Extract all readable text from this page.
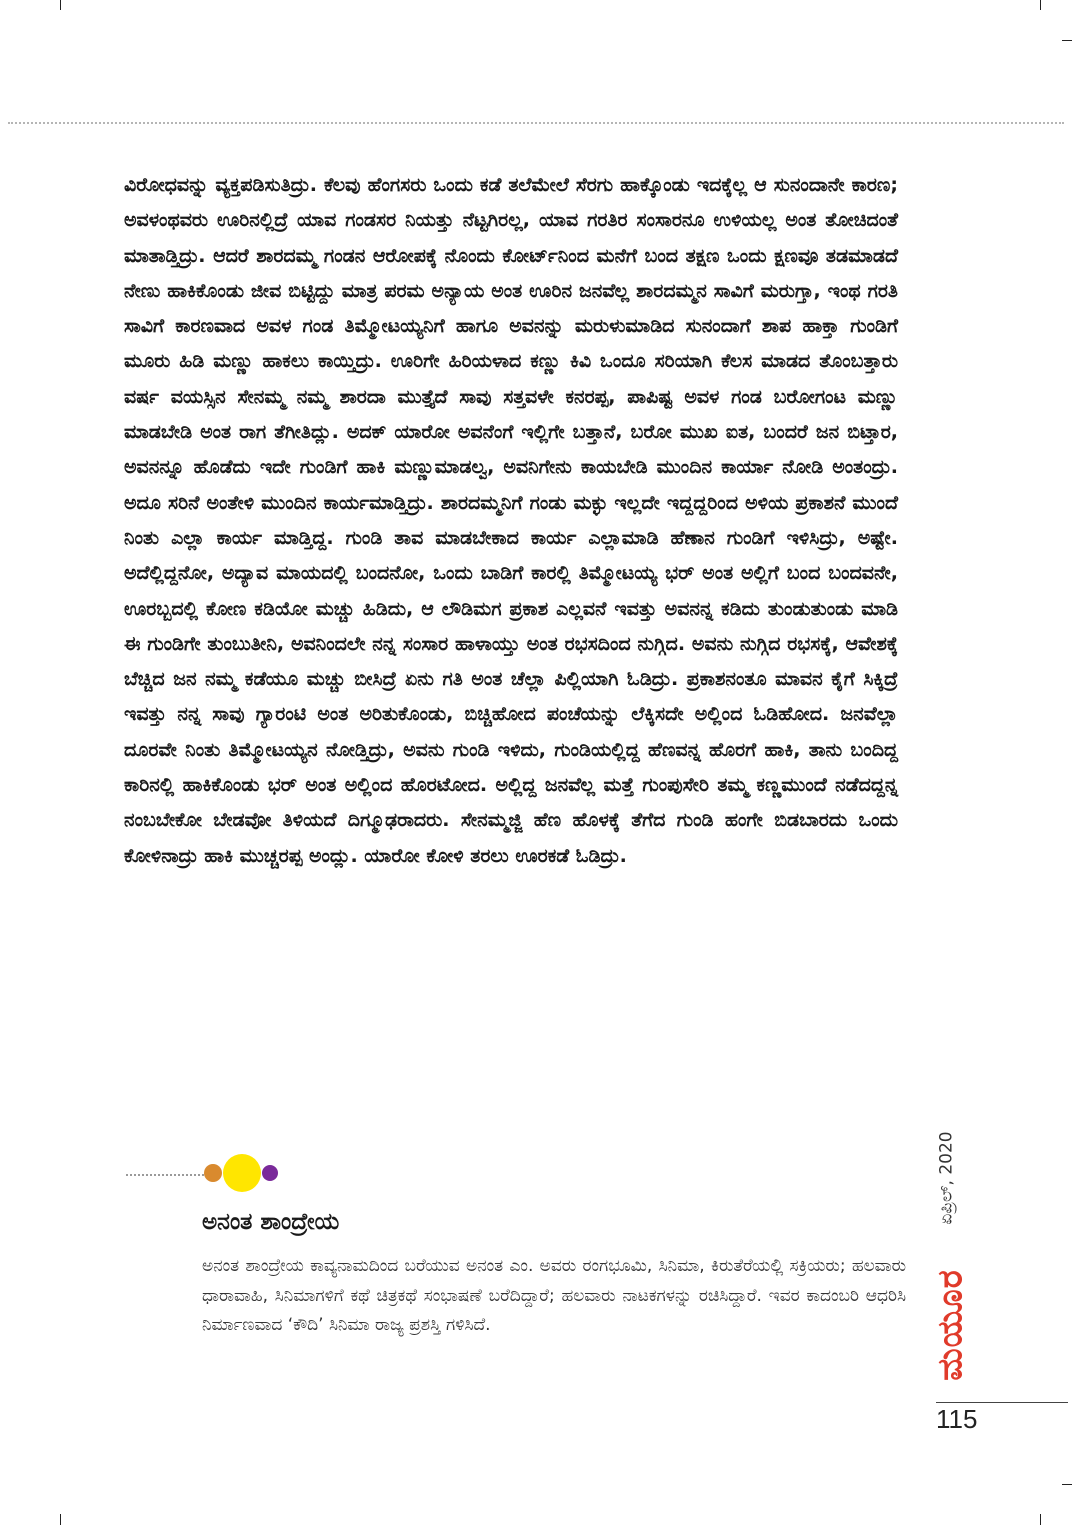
ವಿರೋಧವನ್ನು ವ್ಯಕ್ತಪಡಿಸುತಿದ್ರು. ಕೆಲವು ಹೆಂಗಸರು ಒಂದು ಕಡೆ ತಲೆಮೇಲೆ ಸೆರಗು ಹಾಕ್ಕೊಂಡು ಇದಕ್ಕೆಲ್ಲ ಆ ಸುನಂದಾನೇ ಕಾರಣ; ಅವಳಂಥವರು ಊರಿನಲ್ಲಿದ್ರೆ ಯಾವ ಗಂಡಸರ ನಿಯತ್ತು ನೆಟ್ಟಗಿರಲ್ಲ, ಯಾವ ಗರತಿರ ಸಂಸಾರನೂ ಉಳಿಯಲ್ಲ ಅಂತ ತೋಚಿದಂತೆ ಮಾತಾಡ್ತಿದ್ರು. ಆದರೆ ಶಾರದಮ್ಮ ಗಂಡನ ಆರೋಪಕ್ಕೆ ನೊಂದು ಕೋರ್ಟ್‌ನಿಂದ ಮನೆಗೆ ಬಂದ ತಕ್ಷಣ ಒಂದು ಕ್ಷಣವೂ ತಡಮಾಡದೆ ನೇಣು ಹಾಕಿಕೊಂಡು ಜೀವ ಬಿಟ್ಟಿದ್ದು ಮಾತ್ರ ಪರಮ ಅನ್ಯಾಯ ಅಂತ ಊರಿನ ಜನವೆಲ್ಲ ಶಾರದಮ್ಮನ ಸಾವಿಗೆ ಮರುಗ್ತಾ, ಇಂಥ ಗರತಿ ಸಾವಿಗೆ ಕಾರಣವಾದ ಅವಳ ಗಂಡ ತಿಮ್ಮೋಟಯ್ಯನಿಗೆ ಹಾಗೂ ಅವನನ್ನು ಮರುಳುಮಾಡಿದ ಸುನಂದಾಗೆ ಶಾಪ ಹಾಕ್ತಾ ಗುಂಡಿಗೆ ಮೂರು ಹಿಡಿ ಮಣ್ಣು ಹಾಕಲು ಕಾಯ್ತಿದ್ರು. ಊರಿಗೇ ಹಿರಿಯಳಾದ ಕಣ್ಣು ಕಿವಿ ಒಂದೂ ಸರಿಯಾಗಿ ಕೆಲಸ ಮಾಡದ ತೊಂಬತ್ತಾರು ವರ್ಷ ವಯಸ್ಸಿನ ಸೇನಮ್ಮ ನಮ್ಮ ಶಾರದಾ ಮುತ್ತೈದೆ ಸಾವು ಸತ್ತವಳೇ ಕನರಪ್ಪ, ಪಾಪಿಷ್ಟ ಅವಳ ಗಂಡ ಬರೋಗಂಟ ಮಣ್ಣು ಮಾಡಬೇಡಿ ಅಂತ ರಾಗ ತೆಗೀತಿದ್ಲು. ಅದಕ್ ಯಾರೋ ಅವನೆಂಗೆ ಇಲ್ಲಿಗೇ ಬತ್ತಾನೆ, ಬರೋ ಮುಖ ಐತ, ಬಂದರೆ ಜನ ಬಿಟ್ತಾರ, ಅವನನ್ನೂ ಹೊಡೆದು ಇದೇ ಗುಂಡಿಗೆ ಹಾಕಿ ಮಣ್ಣುಮಾಡಲ್ವ, ಅವನಿಗೇನು ಕಾಯಬೇಡಿ ಮುಂದಿನ ಕಾರ್ಯಾ ನೋಡಿ ಅಂತಂದ್ರು. ಅದೂ ಸರಿನೆ ಅಂತೇಳಿ ಮುಂದಿನ ಕಾರ್ಯಮಾಡ್ತಿದ್ರು. ಶಾರದಮ್ಮನಿಗೆ ಗಂಡು ಮಕ್ಳು ಇಲ್ಲದೇ ಇದ್ದದ್ದರಿಂದ ಅಳಿಯ ಪ್ರಕಾಶನೆ ಮುಂದೆ ನಿಂತು ಎಲ್ಲಾ ಕಾರ್ಯ ಮಾಡ್ತಿದ್ದ. ಗುಂಡಿ ತಾವ ಮಾಡಬೇಕಾದ ಕಾರ್ಯ ಎಲ್ಲಾಮಾಡಿ ಹೆಣಾನ ಗುಂಡಿಗೆ ಇಳಿಸಿದ್ರು, ಅಷ್ಟೇ. ಅದೆಲ್ಲಿದ್ದನೋ, ಅದ್ಯಾವ ಮಾಯದಲ್ಲಿ ಬಂದನೋ, ಒಂದು ಬಾಡಿಗೆ ಕಾರಲ್ಲಿ ತಿಮ್ಮೋಟಯ್ಯ ಭರ್ ಅಂತ ಅಲ್ಲಿಗೆ ಬಂದ ಬಂದವನೇ, ಊರಬ್ಬದಲ್ಲಿ ಕೋಣ ಕಡಿಯೋ ಮಚ್ಚು ಹಿಡಿದು, ಆ ಲೌಡಿಮಗ ಪ್ರಕಾಶ ಎಲ್ಲವನೆ ಇವತ್ತು ಅವನನ್ನ ಕಡಿದು ತುಂಡುತುಂಡು ಮಾಡಿ ಈ ಗುಂಡಿಗೇ ತುಂಬುತೀನಿ, ಅವನಿಂದಲೇ ನನ್ನ ಸಂಸಾರ ಹಾಳಾಯ್ತು ಅಂತ ರಭಸದಿಂದ ನುಗ್ಗಿದ. ಅವನು ನುಗ್ಗಿದ ರಭಸಕ್ಕೆ, ಆವೇಶಕ್ಕೆ ಬೆಚ್ಚಿದ ಜನ ನಮ್ಮ ಕಡೆಯೂ ಮಚ್ಚು ಬೀಸಿದ್ರೆ ಏನು ಗತಿ ಅಂತ ಚೆಲ್ಲಾ ಪಿಲ್ಲಿಯಾಗಿ ಓಡಿದ್ರು. ಪ್ರಕಾಶನಂತೂ ಮಾವನ ಕೈಗೆ ಸಿಕ್ಕಿದ್ರೆ ಇವತ್ತು ನನ್ನ ಸಾವು ಗ್ಯಾರಂಟಿ ಅಂತ ಅರಿತುಕೊಂಡು, ಬಿಚ್ಚಿಹೋದ ಪಂಚೆಯನ್ನು ಲೆಕ್ಕಿಸದೇ ಅಲ್ಲಿಂದ ಓಡಿಹೋದ. ಜನವೆಲ್ಲಾ ದೂರವೇ ನಿಂತು ತಿಮ್ಮೋಟಯ್ಯನ ನೋಡ್ತಿದ್ರು, ಅವನು ಗುಂಡಿ ಇಳಿದು, ಗುಂಡಿಯಲ್ಲಿದ್ದ ಹೆಣವನ್ನ ಹೊರಗೆ ಹಾಕಿ, ತಾನು ಬಂದಿದ್ದ ಕಾರಿನಲ್ಲಿ ಹಾಕಿಕೊಂಡು ಭರ್ ಅಂತ ಅಲ್ಲಿಂದ ಹೊರಟೋದ. ಅಲ್ಲಿದ್ದ ಜನವೆಲ್ಲ ಮತ್ತೆ ಗುಂಪುಸೇರಿ ತಮ್ಮ ಕಣ್ಣಮುಂದೆ ನಡೆದದ್ದನ್ನ ನಂಬಬೇಕೋ ಬೇಡವೋ ತಿಳಿಯದೆ ದಿಗ್ಮೂಢರಾದರು. ಸೇನಮ್ಮಜ್ಜಿ ಹೆಣ ಹೊಳಕ್ಕೆ ತೆಗೆದ ಗುಂಡಿ ಹಂಗೇ ಬಿಡಬಾರದು ಒಂದು ಕೋಳಿನಾದ್ರು ಹಾಕಿ ಮುಚ್ಚರಪ್ಪ ಅಂದ್ಲು. ಯಾರೋ ಕೋಳಿ ತರಲು ಊರಕಡೆ ಓಡಿದ್ರು.
ಅನಂತ ಶಾಂದ್ರೇಯ
ಅನಂತ ಶಾಂದ್ರೇಯ ಕಾವ್ಯನಾಮದಿಂದ ಬರೆಯುವ ಅನಂತ ಎಂ. ಅವರು ರಂಗಭೂಮಿ, ಸಿನಿಮಾ, ಕಿರುತೆರೆಯಲ್ಲಿ ಸಕ್ರಿಯರು; ಹಲವಾರು ಧಾರಾವಾಹಿ, ಸಿನಿಮಾಗಳಿಗೆ ಕಥೆ ಚಿತ್ರಕಥೆ ಸಂಭಾಷಣೆ ಬರೆದಿದ್ದಾರೆ; ಹಲವಾರು ನಾಟಕಗಳನ್ನು ರಚಿಸಿದ್ದಾರೆ. ಇವರ ಕಾದಂಬರಿ ಆಧರಿಸಿ ನಿರ್ಮಾಣವಾದ ‘ಕೌದಿ’ ಸಿನಿಮಾ ರಾಜ್ಯ ಪ್ರಶಸ್ತಿ ಗಳಿಸಿದೆ.
ಏಪ್ರಿಲ್, 2020
ಮಯೂರ
115
